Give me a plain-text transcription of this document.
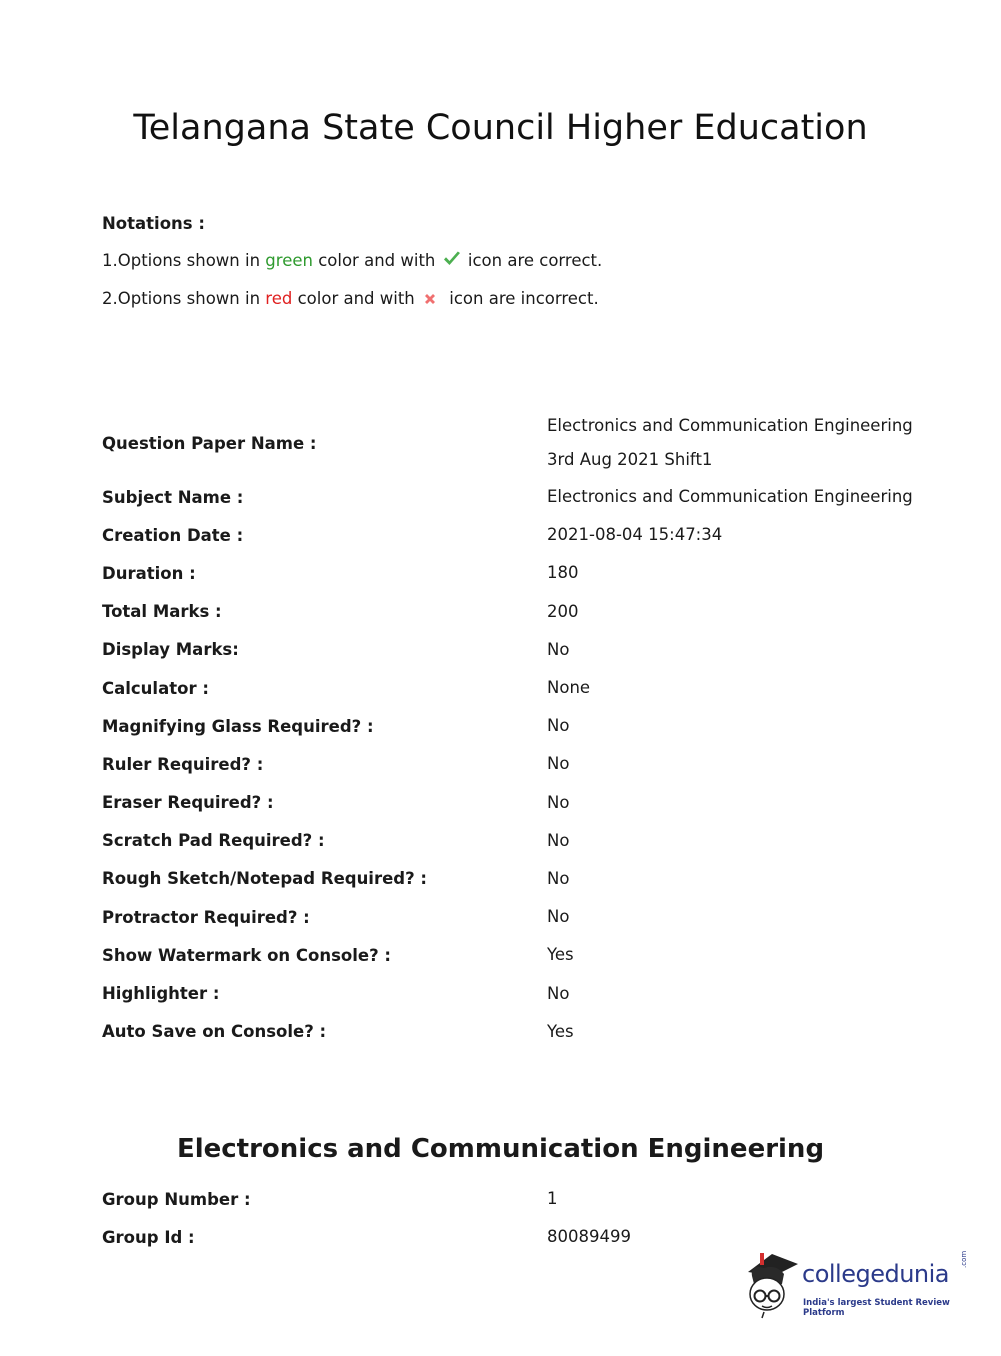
Telangana State Council Higher Education
Notations :
1.Options shown in green color and with icon are correct.
2.Options shown in red color and with icon are incorrect.
Question Paper Name :
Electronics and Communication Engineering
3rd Aug 2021 Shift1
Subject Name :	Electronics and Communication Engineering
Creation Date :	2021-08-04 15:47:34
Duration :	180
Total Marks :	200
Display Marks:	No
Calculator :	None
Magnifying Glass Required? :	No
Ruler Required? :	No
Eraser Required? :	No
Scratch Pad Required? :	No
Rough Sketch/Notepad Required? :	No
Protractor Required? :	No
Show Watermark on Console? :	Yes
Highlighter :	No
Auto Save on Console? :	Yes
Electronics and Communication Engineering
Group Number :	1
Group Id :	80089499
collegedunia
.com
India's largest Student Review Platform
